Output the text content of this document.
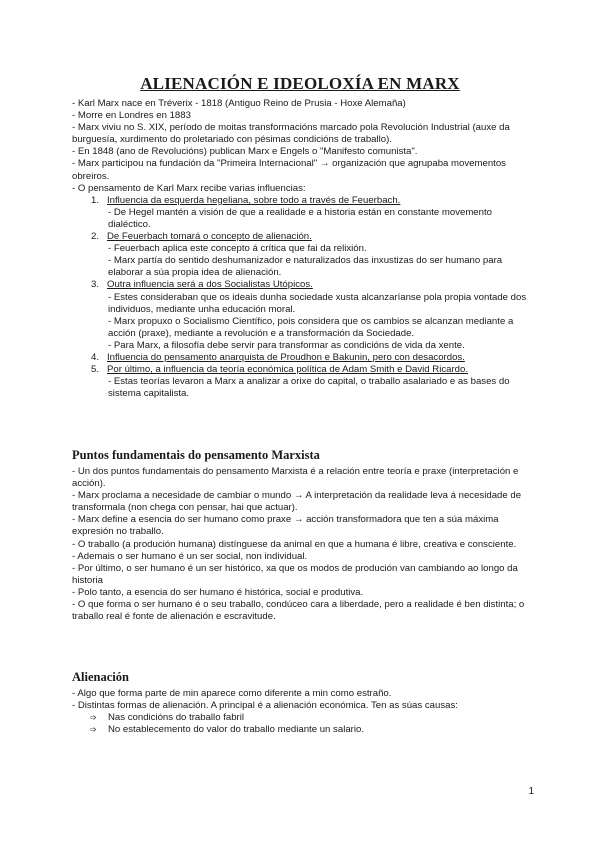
ALIENACIÓN E IDEOLOXÍA EN MARX
- Karl Marx nace en Tréverix - 1818 (Antiguo Reino de Prusia - Hoxe Alemaña)
- Morre en Londres en 1883
- Marx viviu no S. XIX, período de moitas transformacións marcado pola Revolución Industrial (auxe da burguesía, xurdimento do proletariado con pésimas condicións de traballo).
- En 1848 (ano de Revolucións) publican Marx e Engels o "Manifesto comunista".
- Marx participou na fundación da "Primeira Internacional" → organización que agrupaba movementos obreiros.
- O pensamento de Karl Marx recibe varias influencias:
1. Influencia da esquerda hegeliana, sobre todo a través de Feuerbach.
- De Hegel mantén a visión de que a realidade e a historia están en constante movemento dialéctico.
2. De Feuerbach tomará o concepto de alienación.
- Feuerbach aplica este concepto á crítica que fai da relixión.
- Marx partía do sentido deshumanizador e naturalizados das inxustizas do ser humano para elaborar a súa propia idea de alienación.
3. Outra influencia será a dos Socialistas Utópicos.
- Estes consideraban que os ideais dunha sociedade xusta alcanzaríanse pola propia vontade dos individuos, mediante unha educación moral.
- Marx propuxo o Socialismo Científico, pois considera que os cambios se alcanzan mediante a acción (praxe), mediante a revolución e a transformación da Sociedade.
- Para Marx, a filosofía debe servir para transformar as condicións de vida da xente.
4. Influencia do pensamento anarquista de Proudhon e Bakunin, pero con desacordos.
5. Por último, a influencia da teoría económica política de Adam Smith e David Ricardo.
- Estas teorías levaron a Marx a analizar a orixe do capital, o traballo asalariado e as bases do sistema capitalista.
Puntos fundamentais do pensamento Marxista
- Un dos puntos fundamentais do pensamento Marxista é a relación entre teoría e praxe (interpretación e acción).
- Marx proclama a necesidade de cambiar o mundo → A interpretación da realidade leva á necesidade de transformala (non chega con pensar, hai que actuar).
- Marx define a esencia do ser humano como praxe → acción transformadora que ten a súa máxima expresión no traballo.
- O traballo (a produción humana) distínguese da animal en que a humana é libre, creativa e consciente.
- Ademais o ser humano é un ser social, non individual.
- Por último, o ser humano é un ser histórico, xa que os modos de produción van cambiando ao longo da historia
- Polo tanto, a esencia do ser humano é histórica, social e produtiva.
- O que forma o ser humano é o seu traballo, condúceo cara a liberdade, pero a realidade é ben distinta; o traballo real é fonte de alienación e escravitude.
Alienación
- Algo que forma parte de min aparece como diferente a min como estraño.
- Distintas formas de alienación. A principal é a alienación económica. Ten as súas causas:
➩	Nas condicións do traballo fabril
➩	No establecemento do valor do traballo mediante un salario.
1
